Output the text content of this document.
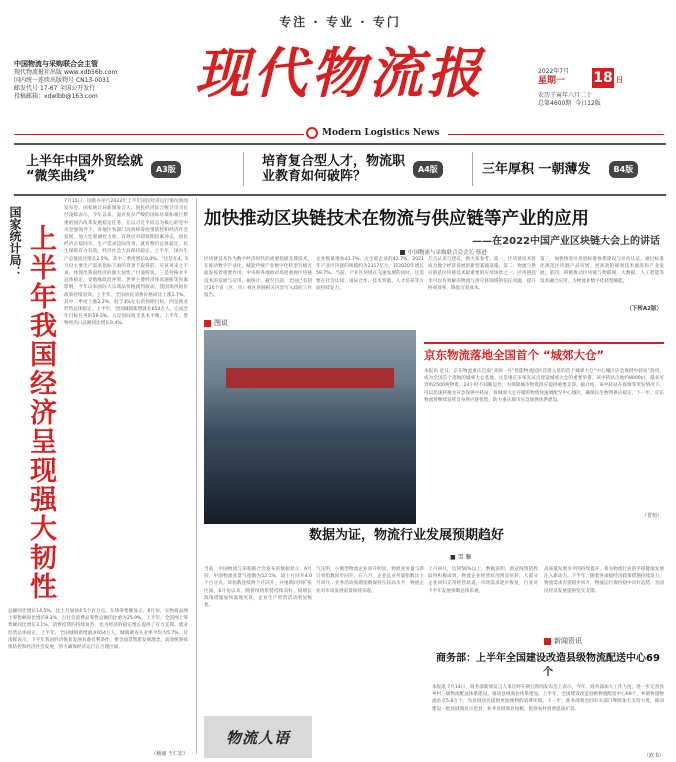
专注 · 专业 · 专门
中国物流与采购联合会主管
现代物流报社出版 www.xdb56b.com
国内统一连续出版物号 CN13-0031
邮发代号 17-67 全国公开发行
投稿邮箱：xdwlbb@163.com	现代物流报	2022年7月
星期一 18 日
农历壬寅年六月二十
总第4600期 今日12版
Modern Logistics News
上半年中国外贸绘就
“微笑曲线”	A3版	培育复合型人才，物流职
业教育如何破阵？	A4版	三年厚积 一朝薄发	B4版
国家统计局： 上半年我国经济呈现强大韧性
7月15日，国新办举行2022年上半年国民经济运行情况新闻发布会。国家统计局新闻发言人、国民经济综合统计司司长付凌晖表示，今年以来，面对复杂严峻的国际环境和艰巨繁重的国内改革发展稳定任务，在以习近平同志为核心的党中央坚强领导下，各地区各部门高效统筹疫情防控和经济社会发展，加大宏观调控力度，有效应对超预期因素冲击，国民经济企稳回升，生产需求边际改善，就业物价总体稳定，民生保障有力有效，经济社会大局保持稳定。上半年，国内生产总值同比增长2.5%。其中二季度增长0.4%。“这是在4、5月份主要生产需求指标下滑的背景下取得的，应该说来之不易。体现出我国经济的强大韧性。”付凌晖说。三是价格水平总体稳定。受地缘政治冲突、世界主要经济体高通胀等因素影响，今年以来国际大宗商品价格剧烈波动，我国保供稳价政策持续显效。上半年，全国居民消费价格同比上涨1.7%，其中二季度上涨2.2%，低于3%左右的预期目标。四是就业形势总体稳定。上半年，全国城镇新增就业654万人，完成全年目标任务的59.5%。五是国际收支基本平衡。上半年，货物进出口总额同比增长9.4%。
总额同比增长14.5%，比上月加快4.5个百分点。在线零售额显示，6月份，实物商品网上零售额同比增长8.3%，占社会消费品零售总额的比重为25.9%。上半年，全国网上零售额同比增长3.1%。消费投资的持续复苏，也为经济的稳定增长提供了有力支撑。就业形势总体稳定。上半年，全国城镇新增就业654万人，城镇调查失业率平均为5.7%。付凌晖表示，下半年我国经济恢复发展具备有利条件，要全面贯彻新发展理念，高效统筹疫情防控和经济社会发展，努力确保经济运行在合理区间。
（杨丽 王仁宏）
加快推动区块链技术在物流与供应链等产业的应用
——在2022中国产业区块链大会上的讲话
中国物流与采购联合会会长 蔡进
区块链技术作为数字经济时代的重要基础支撑技术，在推动数字产业化、赋能传统产业数字化转型升级方面发挥着重要作用。中央和各地政府高度重视区块链技术的发展与应用。据统计，截至目前，全国已有超过20个省（区、市）将区块链相关内容写入政府工作报告。
企业数量增加43.7%。占全部企业的42.7%。2021年产业区块链的规模约为2317亿元，较2020年增长59.7%。当前，产业区块链在飞速发展的同时，还需要在社会认知、国际合作、技术突破、人才培养等方面持续发力。
几点认识与建议，供大家参考。第一，区块链技术将成为数字经济发展的新型基础设施。第二，物流与供应链是区块链技术最重要的应用场景之一。区块链技术可以有效解决物流与供应链领域的信任问题，提升协同效率，降低交易成本。
第三，加快推进区块链标准体系建设与评价认证，通过标准化规范区块链产品市场，更高效的规划技术演进和产业发展。第四，积极推动区块链与物联网、大数据、人工智能等技术融合应用，为物流业数字化转型赋能。
（下转A2版）
图说
京东物流落地全国首个 “城郊大仓”
本报讯 近日，京东物流重庆巴南“亚洲一号”智能物流园区首批入驻的首个城郊大仓“中心城区应急保供中转站”投用，成为全国首个落地的城郊大仓基地。这是重庆市率先试点建设城郊大仓的重要举措。该中转站占地约8000㎡，最多可容纳2500吨物资，24小时不间断运作，为保障城市物资供应提供重要支撑。据介绍，该中转站在疫情等突发情况下，可以迅速转换为应急保供中转站，将城郊大仓存储的物资快速调配至中心城区，确保民生物资供应稳定。下一步，京东物流将继续发挥自身供应链优势，助力重庆城市应急保供体系建设。
（晋恒）
数据为证，物流行业发展预期趋好
■ 雪 雁
当前，中国物流与采购联合会发布的数据显示，6月份，中国物流业景气指数为52.1%，较上月回升4.0个百分点。该指数连续两个月回升，并重新回到扩张区间。6月份以来，随着疫情形势持续向好，稳增长政策措施加快落地见效，企业生产经营活动明显恢复。
气压明，小微型物流企业回升明显，物流业务量与新订单指数同步回升。在六月，企业总业务量指数比上月回升，业务活动预期指数保持在较高水平，物流企业对市场发展前景保持乐观。
上月回升，达到56%以上。数据表明，新冠疫情防控取得积极成效，物流企业经营状况明显好转，大部分企业回归正常经营轨道，市场需求逐步恢复，行业对下半年发展预期总体乐观。
高质量发展水平的持续提升，将为物流行业的平稳健康发展注入新动力。下半年，随着各项稳经济政策措施持续发力，物流需求有望稳步回升，物流运行保持稳中向好态势，为国民经济发展提供坚实支撑。
物流人语
新闻资讯
商务部：上半年全国建设改造县级物流配送中心69个
本报讯 7月14日，商务部新闻发言人束珏婷在例行新闻发布会上表示，今年，商务部加大工作力度，进一步完善县乡村三级物流配送体系建设，推动县域商业体系建设。上半年，全国建设改造县级物流配送中心69个，乡镇快递物流站点5.8万个，为县域居民提供更加便利的消费环境。下一步，商务部将会同有关部门继续加大支持力度，推动建设一批县域商业示范县，补齐县域商业短板，促进农村消费提质扩容。
（欣书）
